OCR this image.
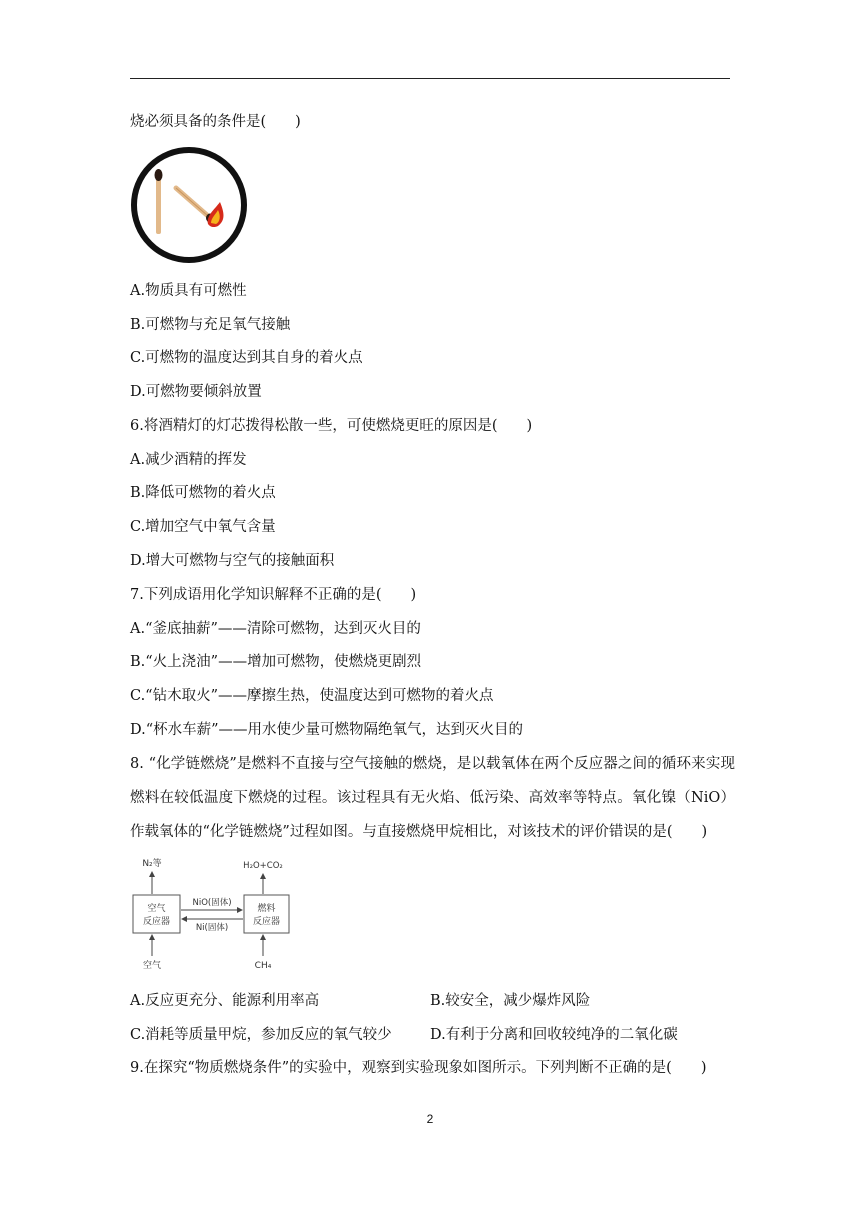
烧必须具备的条件是(　　)
A.物质具有可燃性
B.可燃物与充足氧气接触
C.可燃物的温度达到其自身的着火点
D.可燃物要倾斜放置
6.将酒精灯的灯芯拨得松散一些，可使燃烧更旺的原因是(　　)
A.减少酒精的挥发
B.降低可燃物的着火点
C.增加空气中氧气含量
D.增大可燃物与空气的接触面积
7.下列成语用化学知识解释不正确的是(　　)
A.“釜底抽薪”——清除可燃物，达到灭火目的
B.“火上浇油”——增加可燃物，使燃烧更剧烈
C.“钻木取火”——摩擦生热，使温度达到可燃物的着火点
D.“杯水车薪”——用水使少量可燃物隔绝氧气，达到灭火目的
8. “化学链燃烧”是燃料不直接与空气接触的燃烧，是以载氧体在两个反应器之间的循环来实现燃料在较低温度下燃烧的过程。该过程具有无火焰、低污染、高效率等特点。氧化镍（NiO）作载氧体的“化学链燃烧”过程如图。与直接燃烧甲烷相比，对该技术的评价错误的是(　　)
空气
反应器
燃料
反应器
N₂等	H₂O+CO₂
NiO(固体)
Ni(固体)
空气	CH₄
A.反应更充分、能源利用率高	B.较安全，减少爆炸风险
C.消耗等质量甲烷，参加反应的氧气较少	D.有利于分离和回收较纯净的二氧化碳
9.在探究“物质燃烧条件”的实验中，观察到实验现象如图所示。下列判断不正确的是(　　)
2
